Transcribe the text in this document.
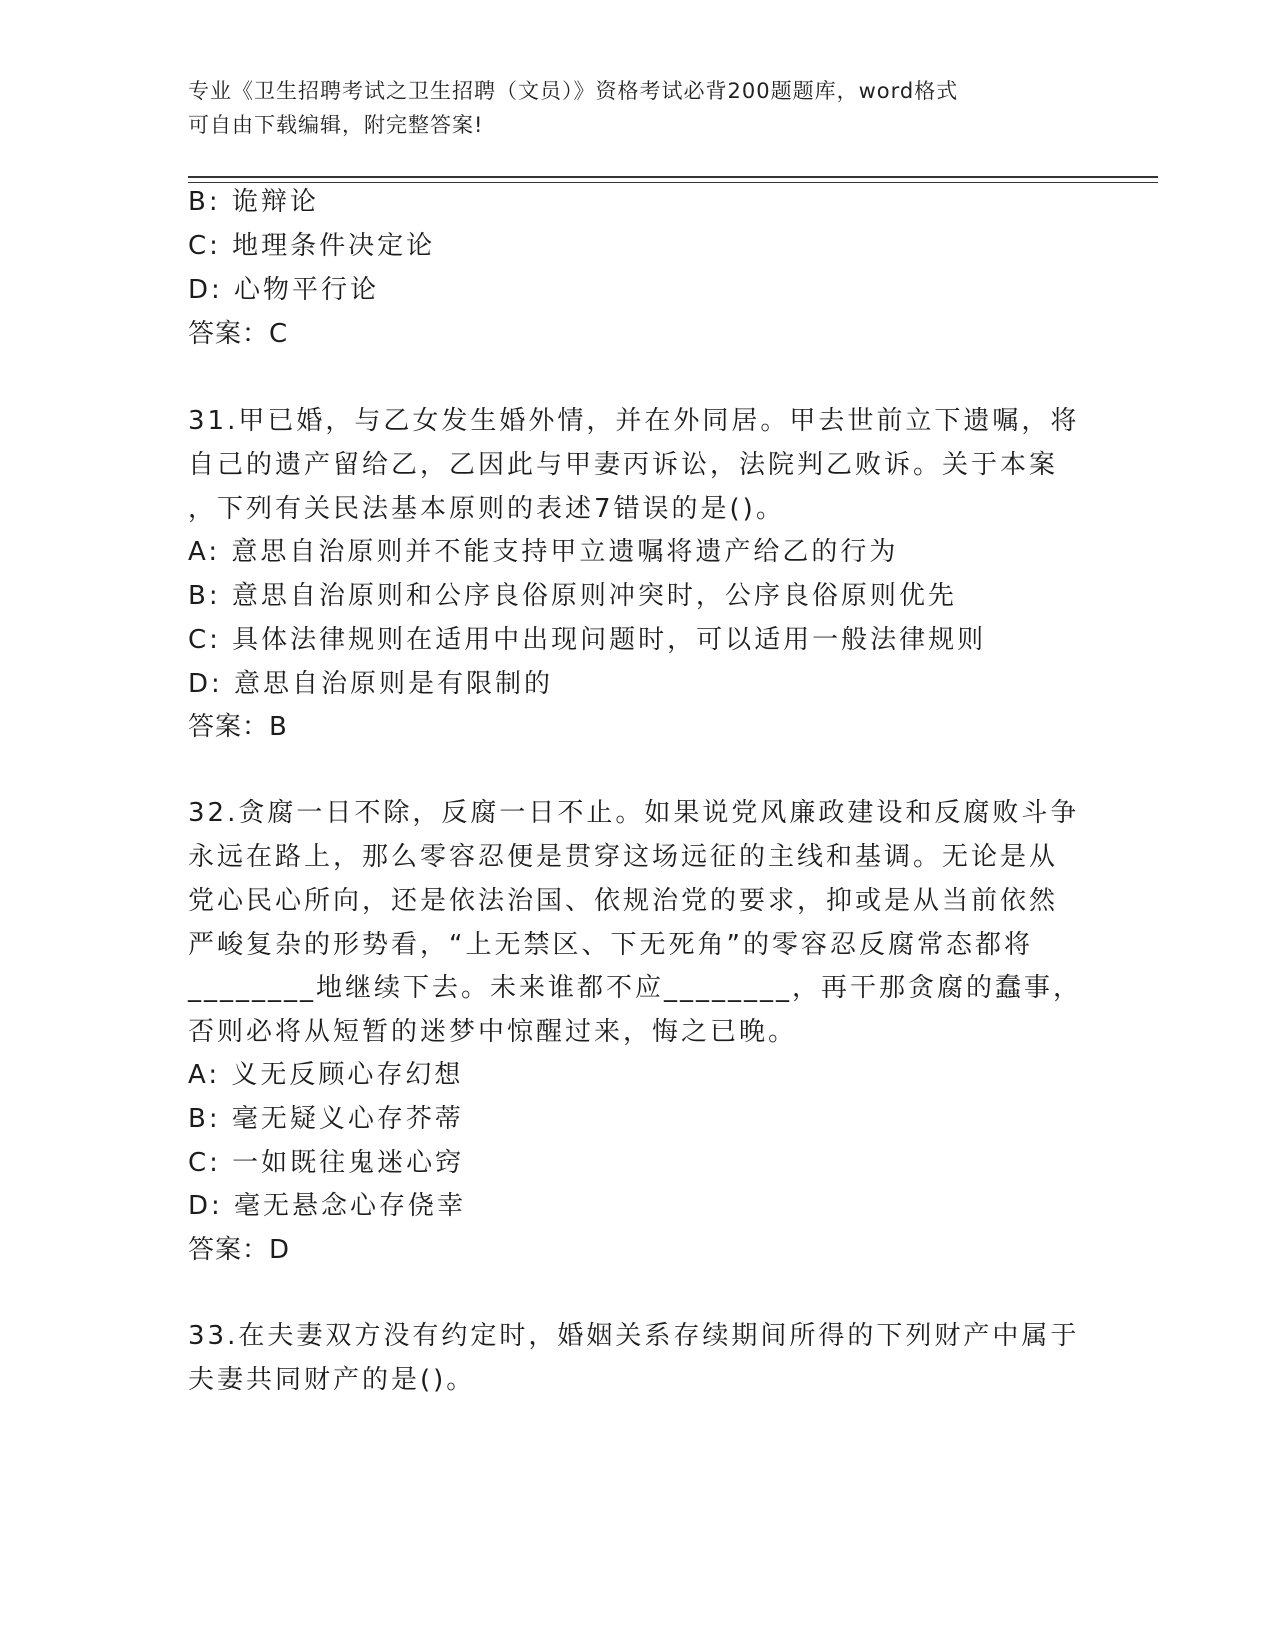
专业《卫生招聘考试之卫生招聘（文员）》资格考试必背200题题库，word格式
可自由下载编辑，附完整答案!
B: 诡辩论
C: 地理条件决定论
D: 心物平行论
答案：C
31.甲已婚，与乙女发生婚外情，并在外同居。甲去世前立下遗嘱，将
自己的遗产留给乙，乙因此与甲妻丙诉讼，法院判乙败诉。关于本案
，下列有关民法基本原则的表述7错误的是()。
A: 意思自治原则并不能支持甲立遗嘱将遗产给乙的行为
B: 意思自治原则和公序良俗原则冲突时，公序良俗原则优先
C: 具体法律规则在适用中出现问题时，可以适用一般法律规则
D: 意思自治原则是有限制的
答案：B
32.贪腐一日不除，反腐一日不止。如果说党风廉政建设和反腐败斗争
永远在路上，那么零容忍便是贯穿这场远征的主线和基调。无论是从
党心民心所向，还是依法治国、依规治党的要求，抑或是从当前依然
严峻复杂的形势看，“上无禁区、下无死角”的零容忍反腐常态都将
________地继续下去。未来谁都不应________，再干那贪腐的蠢事，
否则必将从短暂的迷梦中惊醒过来，悔之已晚。
A: 义无反顾心存幻想
B: 毫无疑义心存芥蒂
C: 一如既往鬼迷心窍
D: 毫无悬念心存侥幸
答案：D
33.在夫妻双方没有约定时，婚姻关系存续期间所得的下列财产中属于
夫妻共同财产的是()。
